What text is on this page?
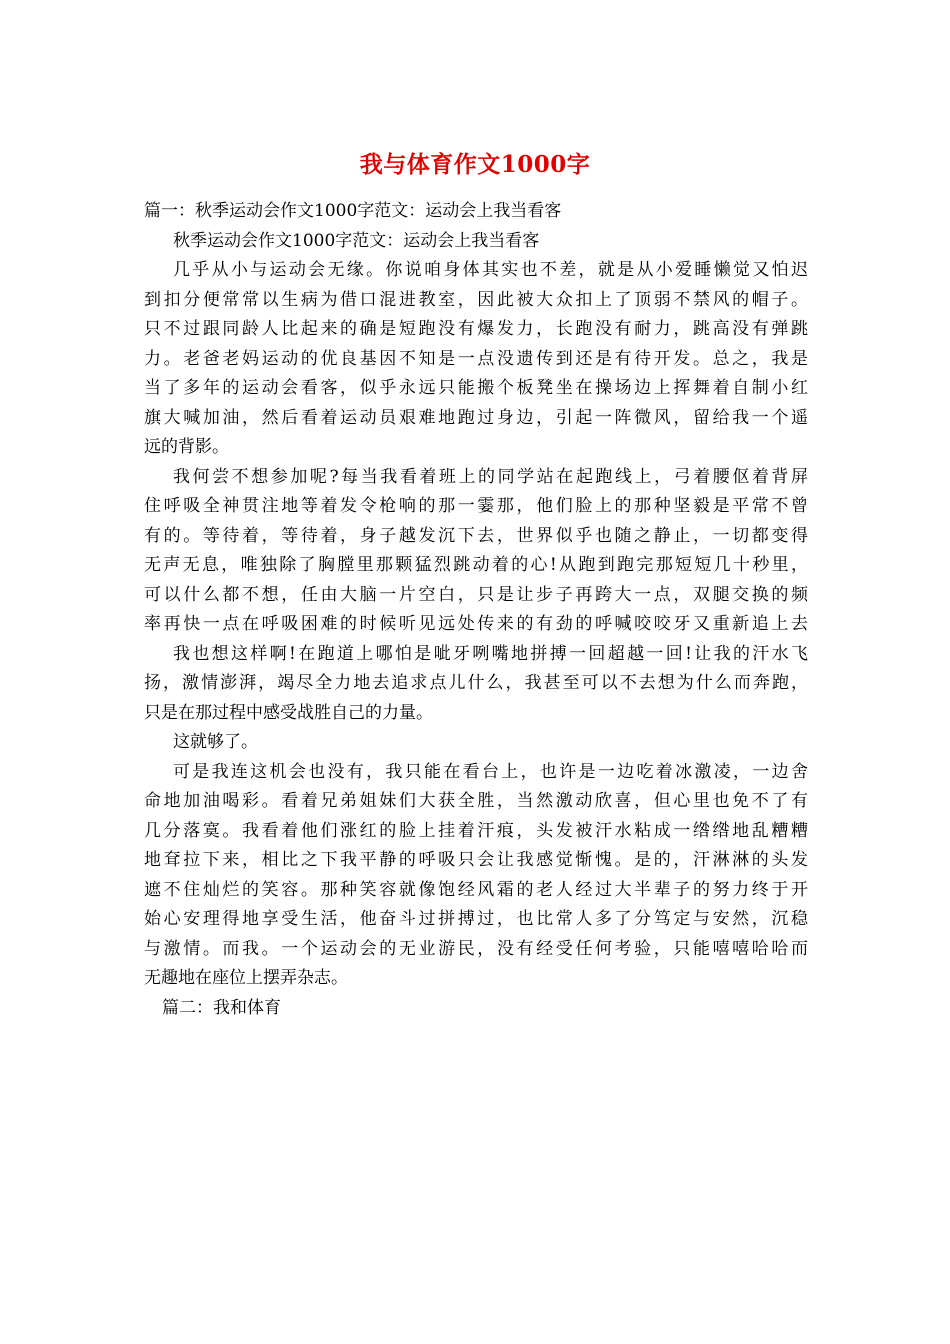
我与体育作文1000字
篇一：秋季运动会作文1000字范文：运动会上我当看客
秋季运动会作文1000字范文：运动会上我当看客
几乎从小与运动会无缘。你说咱身体其实也不差，就是从小爱睡懒觉又怕迟
到扣分便常常以生病为借口混进教室，因此被大众扣上了顶弱不禁风的帽子。
只不过跟同龄人比起来的确是短跑没有爆发力，长跑没有耐力，跳高没有弹跳
力。老爸老妈运动的优良基因不知是一点没遗传到还是有待开发。总之，我是
当了多年的运动会看客，似乎永远只能搬个板凳坐在操场边上挥舞着自制小红
旗大喊加油，然后看着运动员艰难地跑过身边，引起一阵微风，留给我一个遥
远的背影。
我何尝不想参加呢?每当我看着班上的同学站在起跑线上，弓着腰伛着背屏
住呼吸全神贯注地等着发令枪响的那一霎那，他们脸上的那种坚毅是平常不曾
有的。等待着，等待着，身子越发沉下去，世界似乎也随之静止，一切都变得
无声无息，唯独除了胸膛里那颗猛烈跳动着的心!从跑到跑完那短短几十秒里，
可以什么都不想，任由大脑一片空白，只是让步子再跨大一点，双腿交换的频
率再快一点在呼吸困难的时候听见远处传来的有劲的呼喊咬咬牙又重新追上去
我也想这样啊!在跑道上哪怕是呲牙咧嘴地拼搏一回超越一回!让我的汗水飞
扬，激情澎湃，竭尽全力地去追求点儿什么，我甚至可以不去想为什么而奔跑，
只是在那过程中感受战胜自己的力量。
这就够了。
可是我连这机会也没有，我只能在看台上，也许是一边吃着冰激凌，一边舍
命地加油喝彩。看着兄弟姐妹们大获全胜，当然激动欣喜，但心里也免不了有
几分落寞。我看着他们涨红的脸上挂着汗痕，头发被汗水粘成一绺绺地乱糟糟
地耷拉下来，相比之下我平静的呼吸只会让我感觉惭愧。是的，汗淋淋的头发
遮不住灿烂的笑容。那种笑容就像饱经风霜的老人经过大半辈子的努力终于开
始心安理得地享受生活，他奋斗过拼搏过，也比常人多了分笃定与安然，沉稳
与激情。而我。一个运动会的无业游民，没有经受任何考验，只能嘻嘻哈哈而
无趣地在座位上摆弄杂志。
篇二：我和体育
